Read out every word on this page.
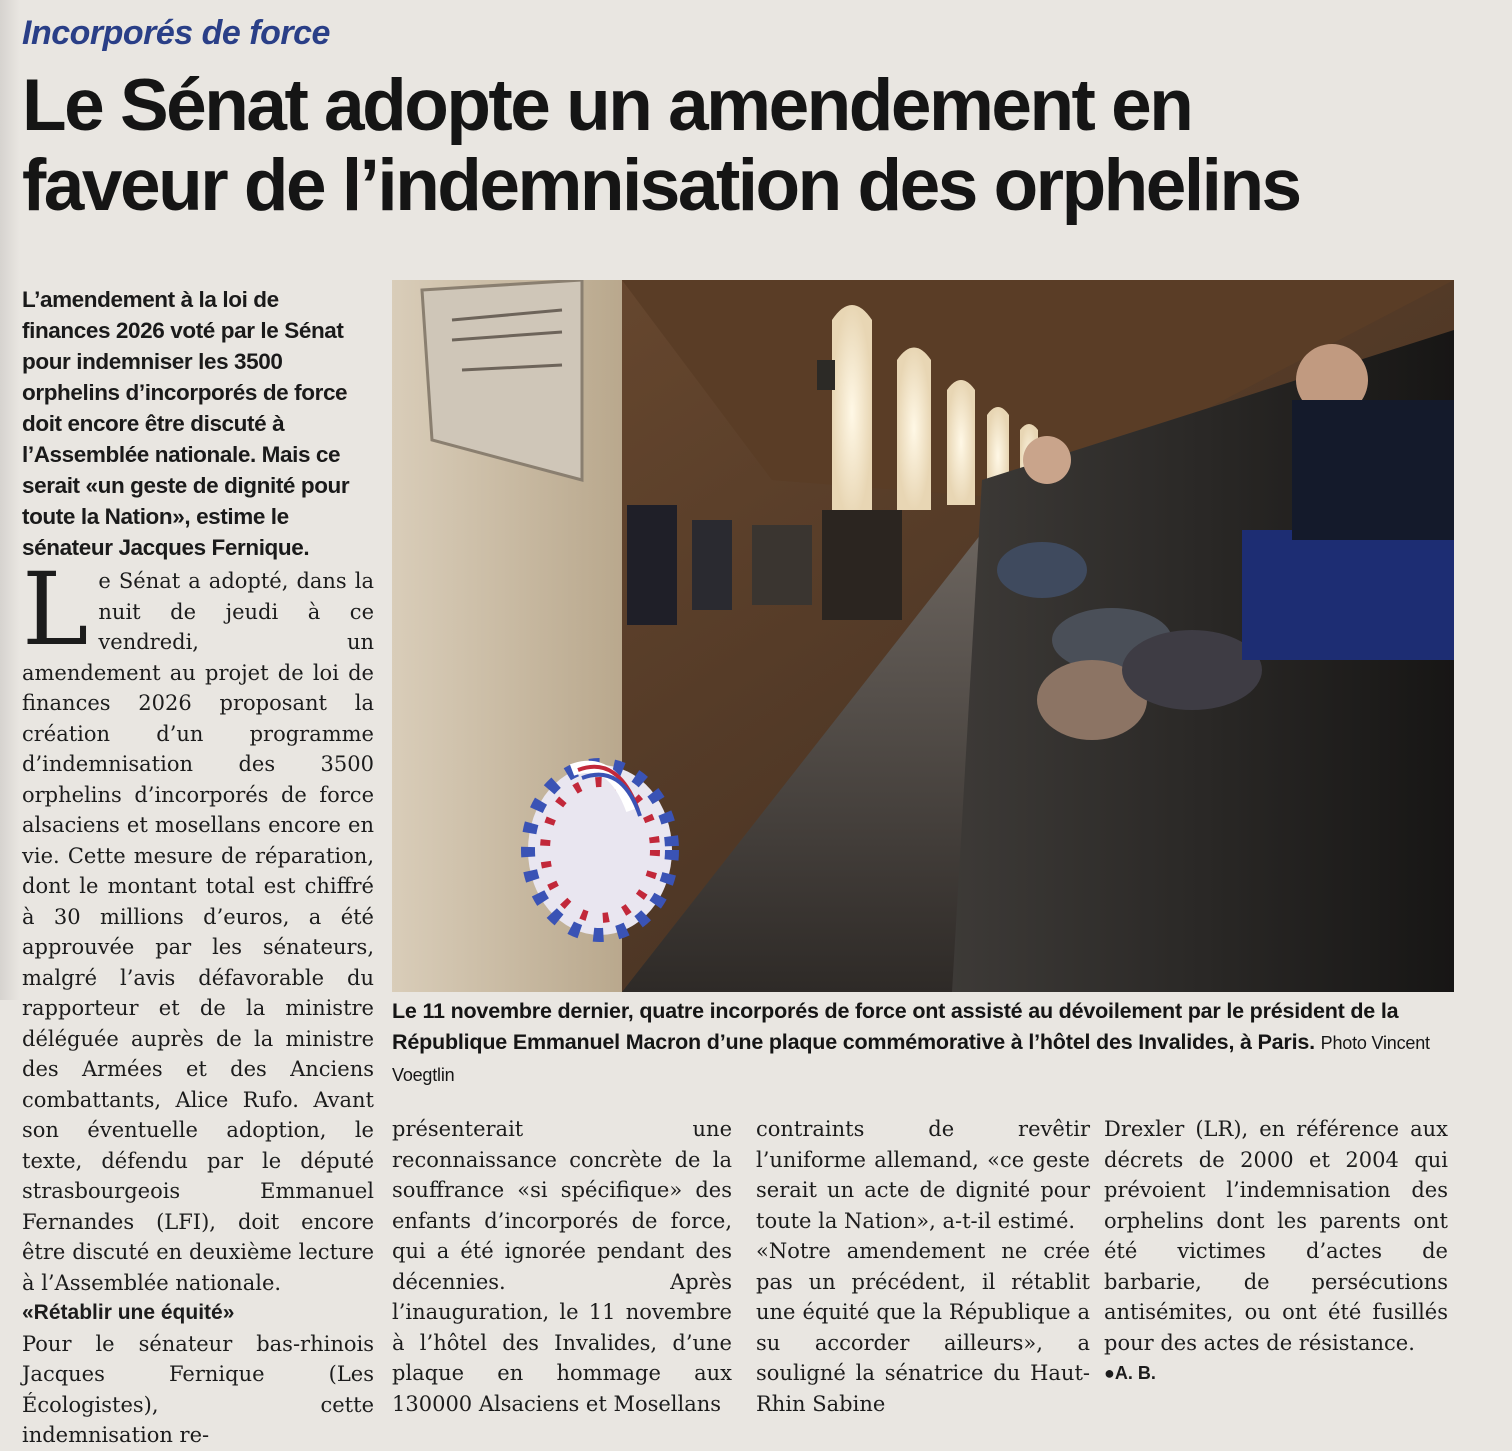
Incorporés de force
Le Sénat adopte un amendement en
faveur de l’indemnisation des orphelins
L’amendement à la loi de finances 2026 voté par le Sénat pour indemniser les 3500 orphelins d’incorporés de force doit encore être discuté à l’Assemblée nationale. Mais ce serait «un geste de dignité pour toute la Nation», estime le sénateur Jacques Fernique.
Le 11 novembre dernier, quatre incorporés de force ont assisté au dévoilement par le président de la République Emmanuel Macron d’une plaque commémorative à l’hôtel des Invalides, à Paris. Photo Vincent Voegtlin

Le Sénat a adopté, dans la nuit de jeudi à ce vendredi, un amendement au projet de loi de finances 2026 proposant la création d’un programme d’indemnisation des 3500 orphelins d’incorporés de force alsaciens et mosellans encore en vie. Cette mesure de réparation, dont le montant total est chiffré à 30 millions d’euros, a été approuvée par les sénateurs, malgré l’avis défavorable du rapporteur et de la ministre déléguée auprès de la ministre des Armées et des Anciens combattants, Alice Rufo. Avant son éventuelle adoption, le texte, défendu par le député strasbourgeois Emmanuel Fernandes (LFI), doit encore être discuté en deuxième lecture à l’Assemblée nationale.

«Rétablir une équité»

Pour le sénateur bas-rhinois Jacques Fernique (Les Écologistes), cette indemnisation re-

présenterait une reconnaissance concrète de la souffrance «si spécifique» des enfants d’incorporés de force, qui a été ignorée pendant des décennies. Après l’inauguration, le 11 novembre à l’hôtel des Invalides, d’une plaque en hommage aux 130000 Alsaciens et Mosellans

contraints de revêtir l’uniforme allemand, «ce geste serait un acte de dignité pour toute la Nation», a-t-il estimé.

«Notre amendement ne crée pas un précédent, il rétablit une équité que la République a su accorder ailleurs», a souligné la sénatrice du Haut-Rhin Sabine

Drexler (LR), en référence aux décrets de 2000 et 2004 qui prévoient l’indemnisation des orphelins dont les parents ont été victimes d’actes de barbarie, de persécutions antisémites, ou ont été fusillés pour des actes de résistance.

●A. B.
